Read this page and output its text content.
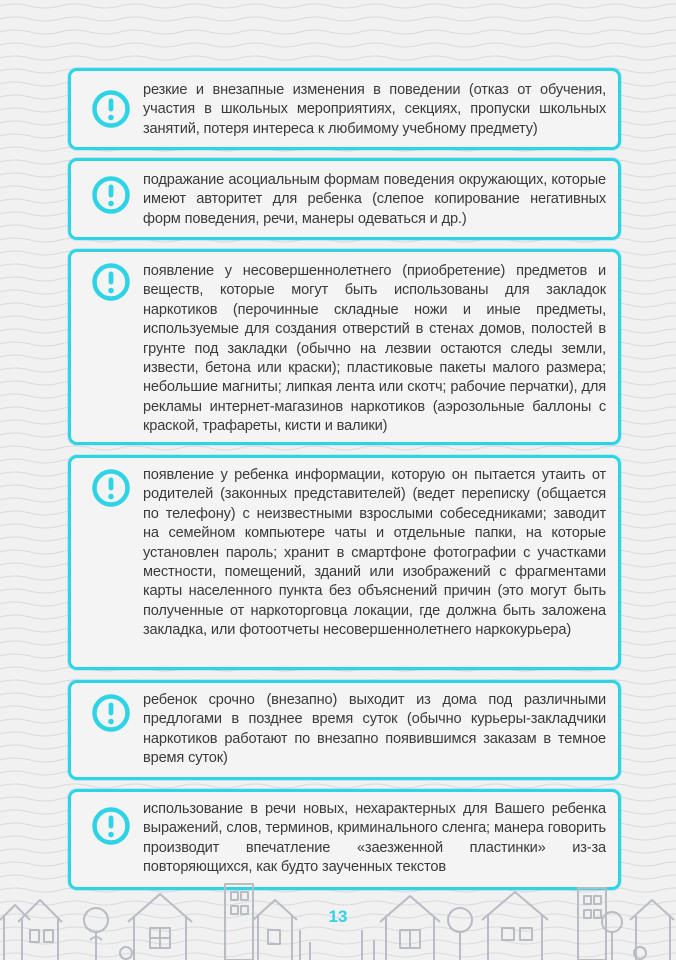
резкие и внезапные изменения в поведении (отказ от обучения, участия в школьных мероприятиях, секциях, пропуски школьных занятий, потеря интереса к любимому учебному предмету)
подражание асоциальным формам поведения окружающих, которые имеют авторитет для ребенка (слепое копирование негативных форм поведения, речи, манеры одеваться и др.)
появление у несовершеннолетнего (приобретение) предметов и веществ, которые могут быть использованы для закладок наркотиков (перочинные складные ножи и иные предметы, используемые для создания отверстий в стенах домов, полостей в грунте под закладки (обычно на лезвии остаются следы земли, извести, бетона или краски); пластиковые пакеты малого размера; небольшие магниты; липкая лента или скотч; рабочие перчатки), для рекламы интернет-магазинов наркотиков (аэрозольные баллоны с краской, трафареты, кисти и валики)
появление у ребенка информации, которую он пытается утаить от родителей (законных представителей) (ведет переписку (общается по телефону) с неизвестными взрослыми собеседниками; заводит на семейном компьютере чаты и отдельные папки, на которые установлен пароль; хранит в смартфоне фотографии с участками местности, помещений, зданий или изображений с фрагментами карты населенного пункта без объяснений причин (это могут быть полученные от наркоторговца локации, где должна быть заложена закладка, или фотоотчеты несовершеннолетнего наркокурьера)
ребенок срочно (внезапно) выходит из дома под различными предлогами в позднее время суток (обычно курьеры-закладчики наркотиков работают по внезапно появившимся заказам в темное время суток)
использование в речи новых, нехарактерных для Вашего ребенка выражений, слов, терминов, криминального сленга; манера говорить производит впечатление «заезженной пластинки» из-за повторяющихся, как будто заученных текстов
13
